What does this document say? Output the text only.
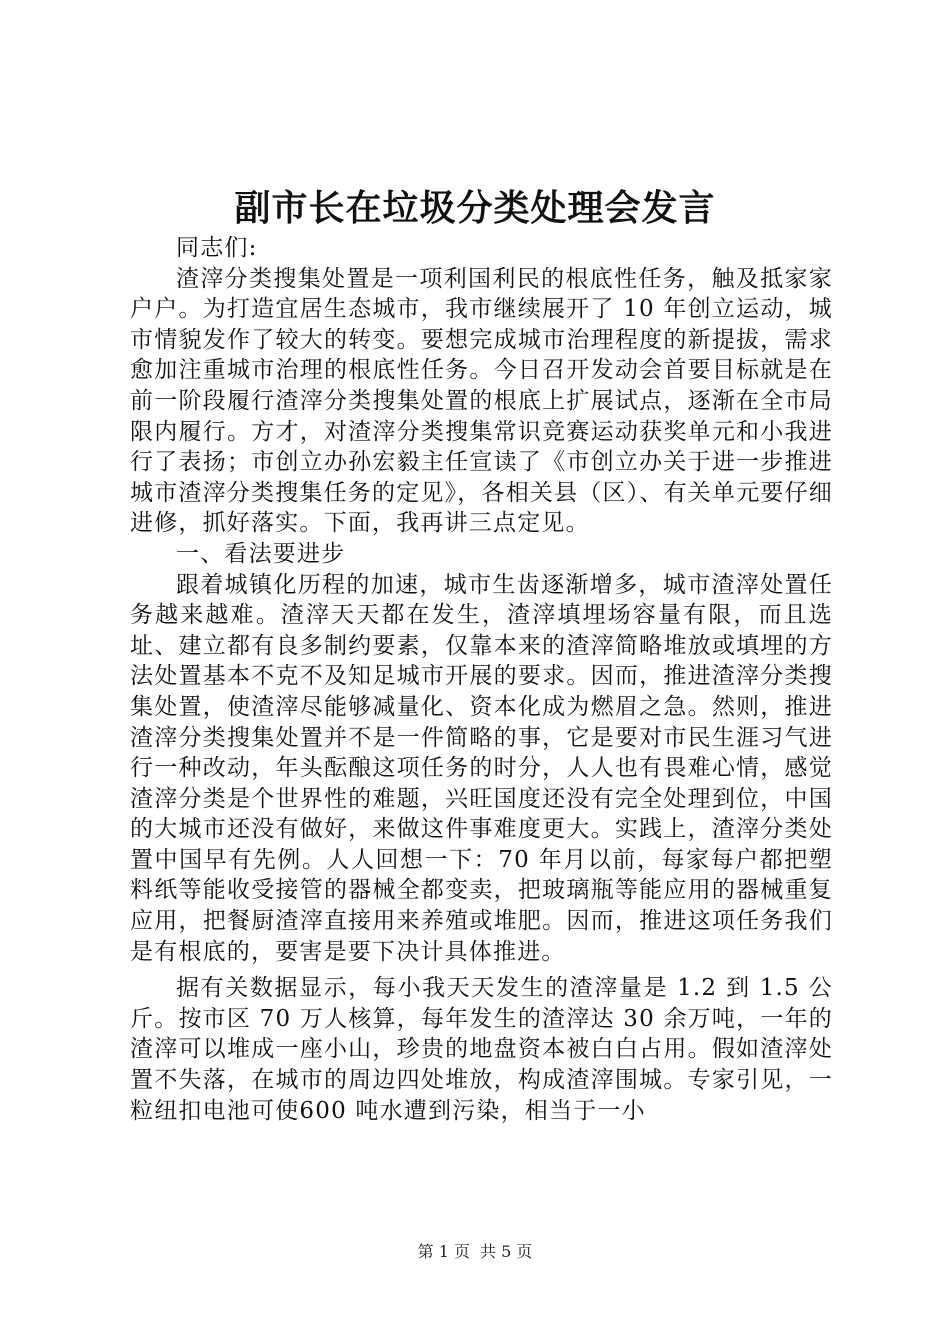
副市长在垃圾分类处理会发言

同志们:

渣滓分类搜集处置是一项利国利民的根底性任务，触及抵家家户户。为打造宜居生态城市，我市继续展开了 10 年创立运动，城市情貌发作了较大的转变。要想完成城市治理程度的新提拔，需求愈加注重城市治理的根底性任务。今日召开发动会首要目标就是在前一阶段履行渣滓分类搜集处置的根底上扩展试点，逐渐在全市局限内履行。方才，对渣滓分类搜集常识竞赛运动获奖单元和小我进行了表扬；市创立办孙宏毅主任宣读了《市创立办关于进一步推进城市渣滓分类搜集任务的定见》，各相关县（区）、有关单元要仔细进修，抓好落实。下面，我再讲三点定见。

一、看法要进步

跟着城镇化历程的加速，城市生齿逐渐增多，城市渣滓处置任务越来越难。渣滓天天都在发生，渣滓填埋场容量有限，而且选址、建立都有良多制约要素，仅靠本来的渣滓简略堆放或填埋的方法处置基本不克不及知足城市开展的要求。因而，推进渣滓分类搜集处置，使渣滓尽能够减量化、资本化成为燃眉之急。然则，推进渣滓分类搜集处置并不是一件简略的事，它是要对市民生涯习气进行一种改动，年头酝酿这项任务的时分，人人也有畏难心情，感觉渣滓分类是个世界性的难题，兴旺国度还没有完全处理到位，中国的大城市还没有做好，来做这件事难度更大。实践上，渣滓分类处置中国早有先例。人人回想一下：70 年月以前，每家每户都把塑料纸等能收受接管的器械全都变卖，把玻璃瓶等能应用的器械重复应用，把餐厨渣滓直接用来养殖或堆肥。因而，推进这项任务我们是有根底的，要害是要下决计具体推进。

据有关数据显示，每小我天天发生的渣滓量是 1.2 到 1.5 公斤。按市区 70 万人核算，每年发生的渣滓达 30 余万吨，一年的渣滓可以堆成一座小山，珍贵的地盘资本被白白占用。假如渣滓处置不失落，在城市的周边四处堆放，构成渣滓围城。专家引见，一粒纽扣电池可使600 吨水遭到污染，相当于一小

第 1 页 共 5 页
